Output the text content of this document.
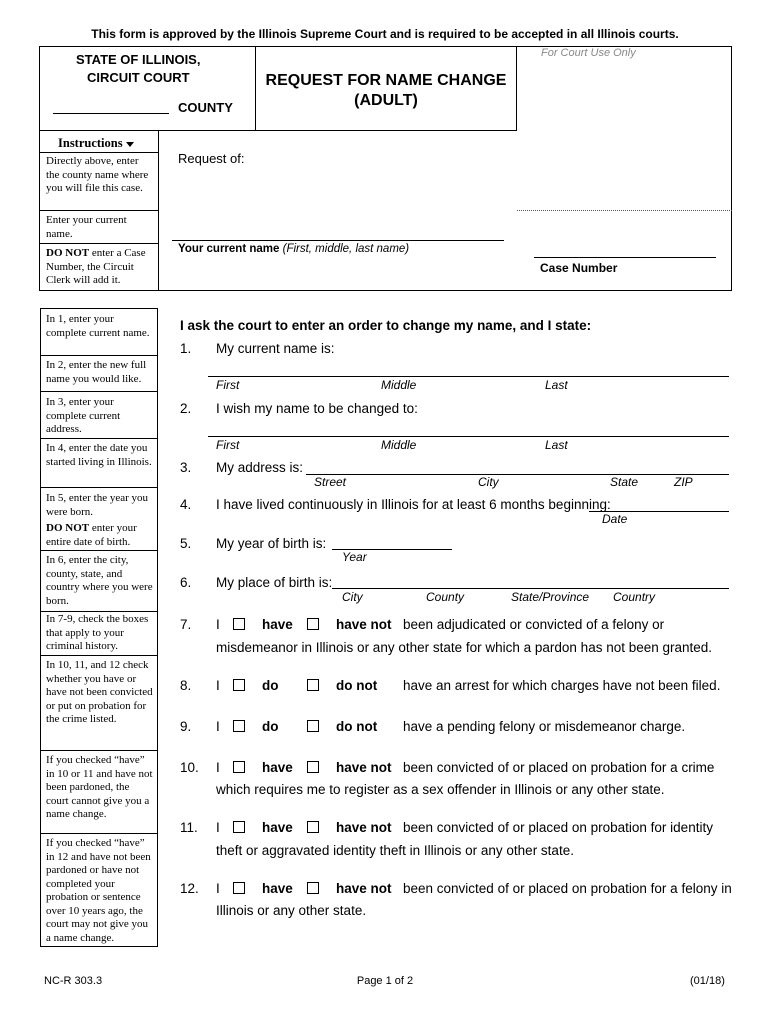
This form is approved by the Illinois Supreme Court and is required to be accepted in all Illinois courts.
STATE OF ILLINOIS,
CIRCUIT COURT
COUNTY
REQUEST FOR NAME CHANGE
(ADULT)
For Court Use Only
Instructions
Directly above, enter the county name where you will file this case.
Enter your current name.
DO NOT enter a Case
Number, the Circuit Clerk will add it.
Request of:
Your current name (First, middle, last name)
Case Number
In 1, enter your complete current name.
In 2, enter the new full name you would like.
In 3, enter your complete current address.
In 4, enter the date you started living in Illinois.
In 5, enter the year you were born.

DO NOT enter your
entire date of birth.
In 6, enter the city, county, state, and country where you were born.
In 7-9, check the boxes that apply to your criminal history.
In 10, 11, and 12 check whether you have or have not been convicted or put on probation for the crime listed.
If you checked “have” in 10 or 11 and have not been pardoned, the court cannot give you a name change.
If you checked “have” in 12 and have not been pardoned or have not completed your probation or sentence over 10 years ago, the court may not give you a name change.
I ask the court to enter an order to change my name, and I state:
1. My current name is:
First	Middle	Last
2. I wish my name to be changed to:
First	Middle	Last
3. My address is:
Street	City	State	ZIP
4. I have lived continuously in Illinois for at least 6 months beginning:
Date
5. My year of birth is:
Year
6. My place of birth is:
City	County	State/Province Country
7. I	have	have not been adjudicated or convicted of a felony or
misdemeanor in Illinois or any other state for which a pardon has not been granted.
8. I	do	do not have an arrest for which charges have not been filed.
9. I	do	do not have a pending felony or misdemeanor charge.
10. I	have	have not been convicted of or placed on probation for a crime
which requires me to register as a sex offender in Illinois or any other state.
11. I	have	have not been convicted of or placed on probation for identity
theft or aggravated identity theft in Illinois or any other state.
12. I	have	have not been convicted of or placed on probation for a felony in
Illinois or any other state.
NC-R 303.3	Page 1 of 2	(01/18)
